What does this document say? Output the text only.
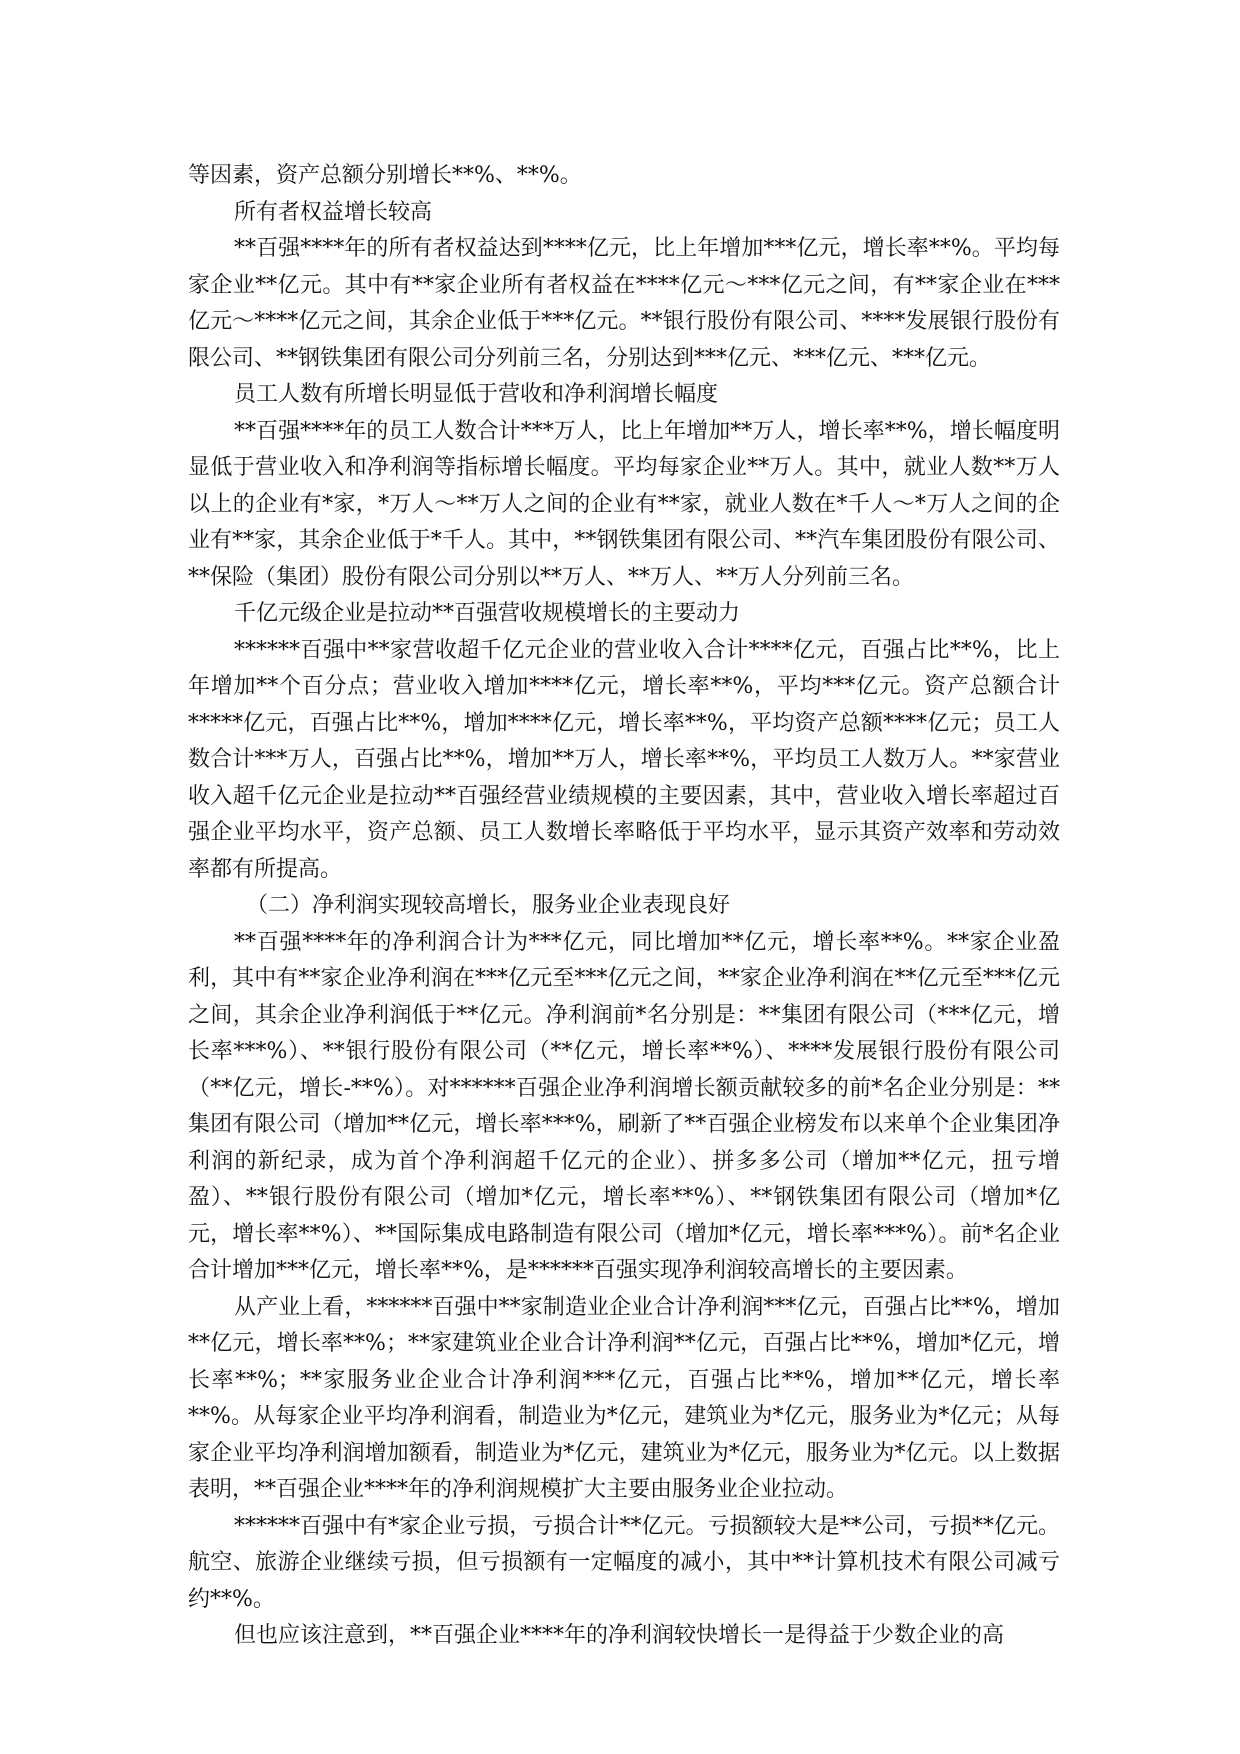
等因素，资产总额分别增长**%、**%。

所有者权益增长较高

**百强****年的所有者权益达到****亿元，比上年增加***亿元，增长率**%。平均每家企业**亿元。其中有**家企业所有者权益在****亿元～***亿元之间，有**家企业在***亿元～****亿元之间，其余企业低于***亿元。**银行股份有限公司、****发展银行股份有限公司、**钢铁集团有限公司分列前三名，分别达到***亿元、***亿元、***亿元。

员工人数有所增长明显低于营收和净利润增长幅度

**百强****年的员工人数合计***万人，比上年增加**万人，增长率**%，增长幅度明显低于营业收入和净利润等指标增长幅度。平均每家企业**万人。其中，就业人数**万人以上的企业有*家，*万人～**万人之间的企业有**家，就业人数在*千人～*万人之间的企业有**家，其余企业低于*千人。其中，**钢铁集团有限公司、**汽车集团股份有限公司、**保险（集团）股份有限公司分别以**万人、**万人、**万人分列前三名。

千亿元级企业是拉动**百强营收规模增长的主要动力

******百强中**家营收超千亿元企业的营业收入合计****亿元，百强占比**%，比上年增加**个百分点；营业收入增加****亿元，增长率**%，平均***亿元。资产总额合计*****亿元，百强占比**%，增加****亿元，增长率**%，平均资产总额****亿元；员工人数合计***万人，百强占比**%，增加**万人，增长率**%，平均员工人数万人。**家营业收入超千亿元企业是拉动**百强经营业绩规模的主要因素，其中，营业收入增长率超过百强企业平均水平，资产总额、员工人数增长率略低于平均水平，显示其资产效率和劳动效率都有所提高。

（二）净利润实现较高增长，服务业企业表现良好

**百强****年的净利润合计为***亿元，同比增加**亿元，增长率**%。**家企业盈利，其中有**家企业净利润在***亿元至***亿元之间，**家企业净利润在**亿元至***亿元之间，其余企业净利润低于**亿元。净利润前*名分别是：**集团有限公司（***亿元，增长率***%）、**银行股份有限公司（**亿元，增长率**%）、****发展银行股份有限公司（**亿元，增长-**%）。对******百强企业净利润增长额贡献较多的前*名企业分别是：**集团有限公司（增加**亿元，增长率***%，刷新了**百强企业榜发布以来单个企业集团净利润的新纪录，成为首个净利润超千亿元的企业）、拼多多公司（增加**亿元，扭亏增盈）、**银行股份有限公司（增加*亿元，增长率**%）、**钢铁集团有限公司（增加*亿元，增长率**%）、**国际集成电路制造有限公司（增加*亿元，增长率***%）。前*名企业合计增加***亿元，增长率**%，是******百强实现净利润较高增长的主要因素。

从产业上看，******百强中**家制造业企业合计净利润***亿元，百强占比**%，增加**亿元，增长率**%；**家建筑业企业合计净利润**亿元，百强占比**%，增加*亿元，增长率**%；**家服务业企业合计净利润***亿元，百强占比**%，增加**亿元，增长率**%。从每家企业平均净利润看，制造业为*亿元，建筑业为*亿元，服务业为*亿元；从每家企业平均净利润增加额看，制造业为*亿元，建筑业为*亿元，服务业为*亿元。以上数据表明，**百强企业****年的净利润规模扩大主要由服务业企业拉动。

******百强中有*家企业亏损，亏损合计**亿元。亏损额较大是**公司，亏损**亿元。航空、旅游企业继续亏损，但亏损额有一定幅度的减小，其中**计算机技术有限公司减亏约**%。

但也应该注意到，**百强企业****年的净利润较快增长一是得益于少数企业的高
